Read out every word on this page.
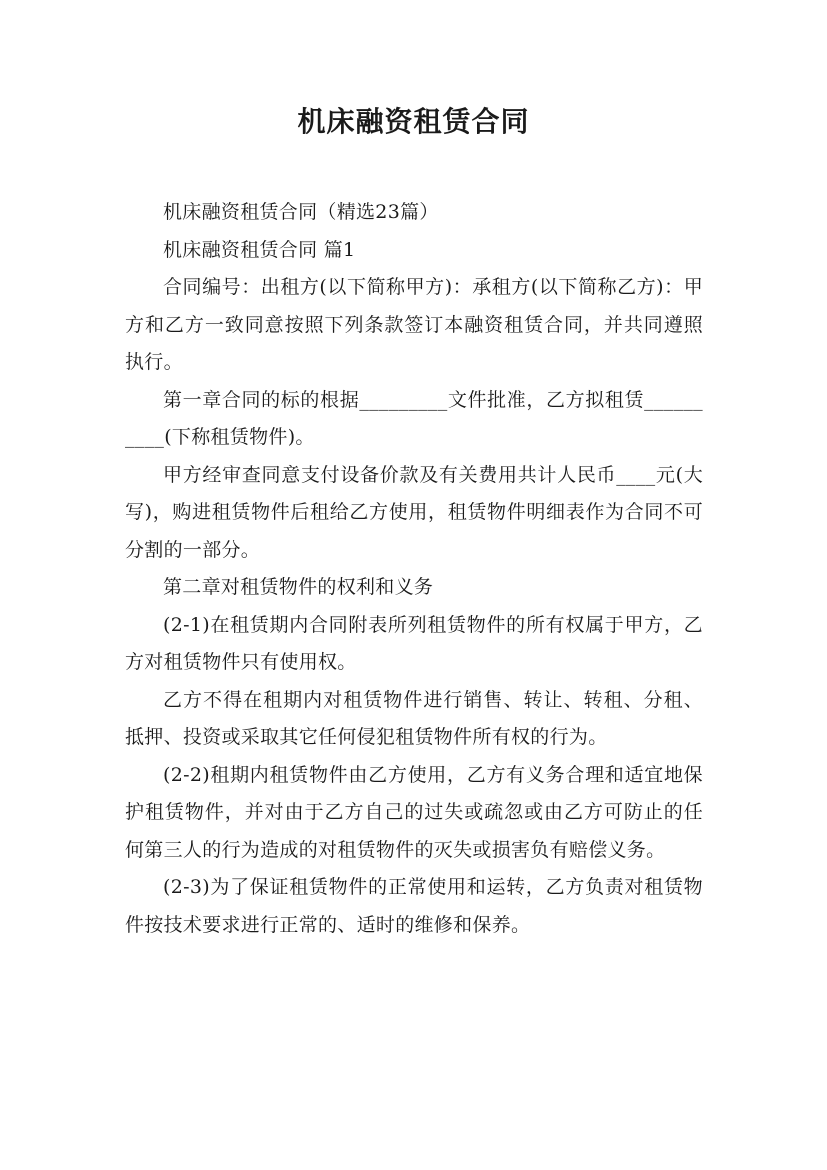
机床融资租赁合同

机床融资租赁合同（精选23篇）

机床融资租赁合同 篇1

合同编号：出租方(以下简称甲方)：承租方(以下简称乙方)：甲方和乙方一致同意按照下列条款签订本融资租赁合同，并共同遵照执行。

第一章合同的标的根据_________文件批准，乙方拟租赁__________(下称租赁物件)。

甲方经审查同意支付设备价款及有关费用共计人民币____元(大写)，购进租赁物件后租给乙方使用，租赁物件明细表作为合同不可分割的一部分。

第二章对租赁物件的权利和义务

(2-1)在租赁期内合同附表所列租赁物件的所有权属于甲方，乙方对租赁物件只有使用权。

乙方不得在租期内对租赁物件进行销售、转让、转租、分租、抵押、投资或采取其它任何侵犯租赁物件所有权的行为。

(2-2)租期内租赁物件由乙方使用，乙方有义务合理和适宜地保护租赁物件，并对由于乙方自己的过失或疏忽或由乙方可防止的任何第三人的行为造成的对租赁物件的灭失或损害负有赔偿义务。

(2-3)为了保证租赁物件的正常使用和运转，乙方负责对租赁物件按技术要求进行正常的、适时的维修和保养。
